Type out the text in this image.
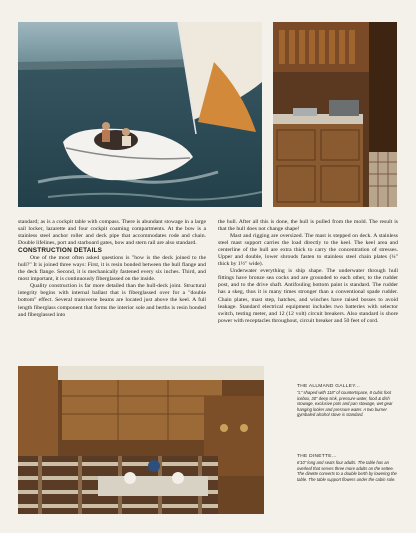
standard; as is a cockpit table with compass. There is abundant stowage in a large sail locker, lazarette and four cockpit coaming compartments. At the bow is a stainless steel anchor roller and deck pipe that accommodates rode and chain. Double lifelines, port and starboard gates, bow and stern rail are also standard.

CONSTRUCTION DETAILS

One of the most often asked questions is "how is the deck joined to the hull?" It is joined three ways: First, it is resin bonded between the hull flange and the deck flange. Second, it is mechanically fastened every six inches. Third, and most important, it is continuously fiberglassed on the inside.

Quality construction is far more detailed than the hull-deck joint. Structural integrity begins with internal ballast that is fiberglassed over for a "double bottom" effect. Several transverse beams are located just above the keel. A full length fiberglass component that forms the interior sole and berths is resin bonded and fiberglassed into

the hull. After all this is done, the hull is pulled from the mold. The result is that the hull does not change shape!

Mast and rigging are oversized. The mast is stepped on deck. A stainless steel mast support carries the load directly to the keel. The keel area and centerline of the hull are extra thick to carry the concentration of stresses. Upper and double, lower shrouds fasten to stainless steel chain plates (¼" thick by 1½" wide).

Underwater everything is ship shape. The underwater through hull fittings have bronze sea cocks and are grounded to each other, to the rudder post, and to the drive shaft. Antifouling bottom paint is standard. The rudder has a skeg, thus it is many times stronger than a conventional spade rudder. Chain plates, mast step, hatches, and winches have raised bosses to avoid leakage. Standard electrical equipment includes two batteries with selector switch, testing meter, and 12 (12 volt) circuit breakers. Also standard is shore power with receptacles throughout, circuit breaker and 50 feet of cord.

THE ALLMAND GALLEY...
"L" shaped with 118" of countertspace, 8 cubic foot icebox, 30" deep sink, pressure water, food & dish stowage, exclusive pots and pan stowage, wet gear hanging locker and pressure water. A two burner gymbaled alcohol stove is standard.
THE DINETTE...
6'10" long and seats four adults. The table has an overleaf that serves three more adults on the settee. The dinette converts to a double berth by lowering the table. The table support flowers under the cabin sole.
